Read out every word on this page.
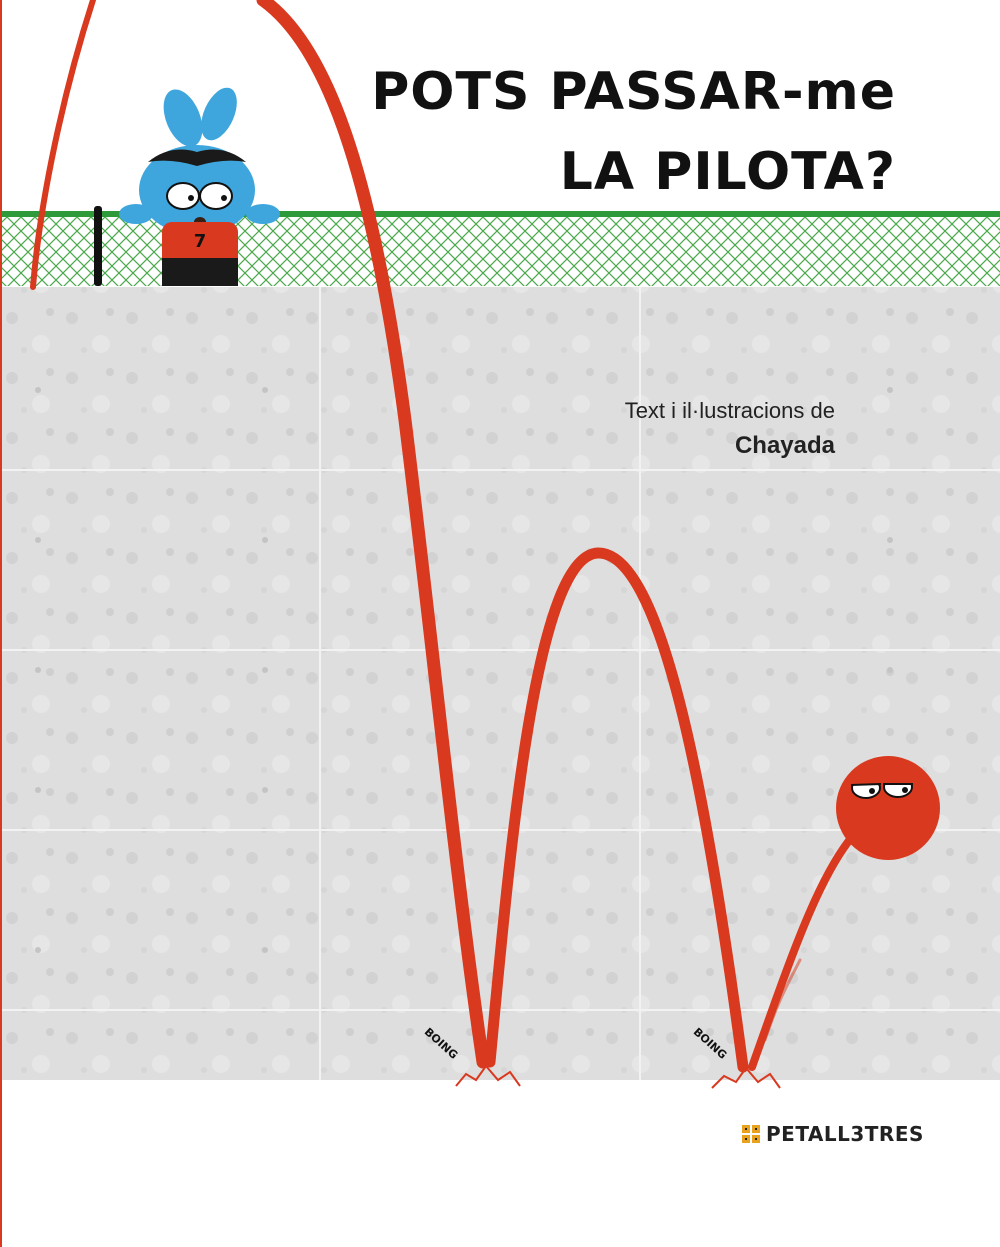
7
POTS PASSAR-me
LA PILOTA?

Text i il·lustracions de

Chayada

BOING	BOING
PETALL3TRES
